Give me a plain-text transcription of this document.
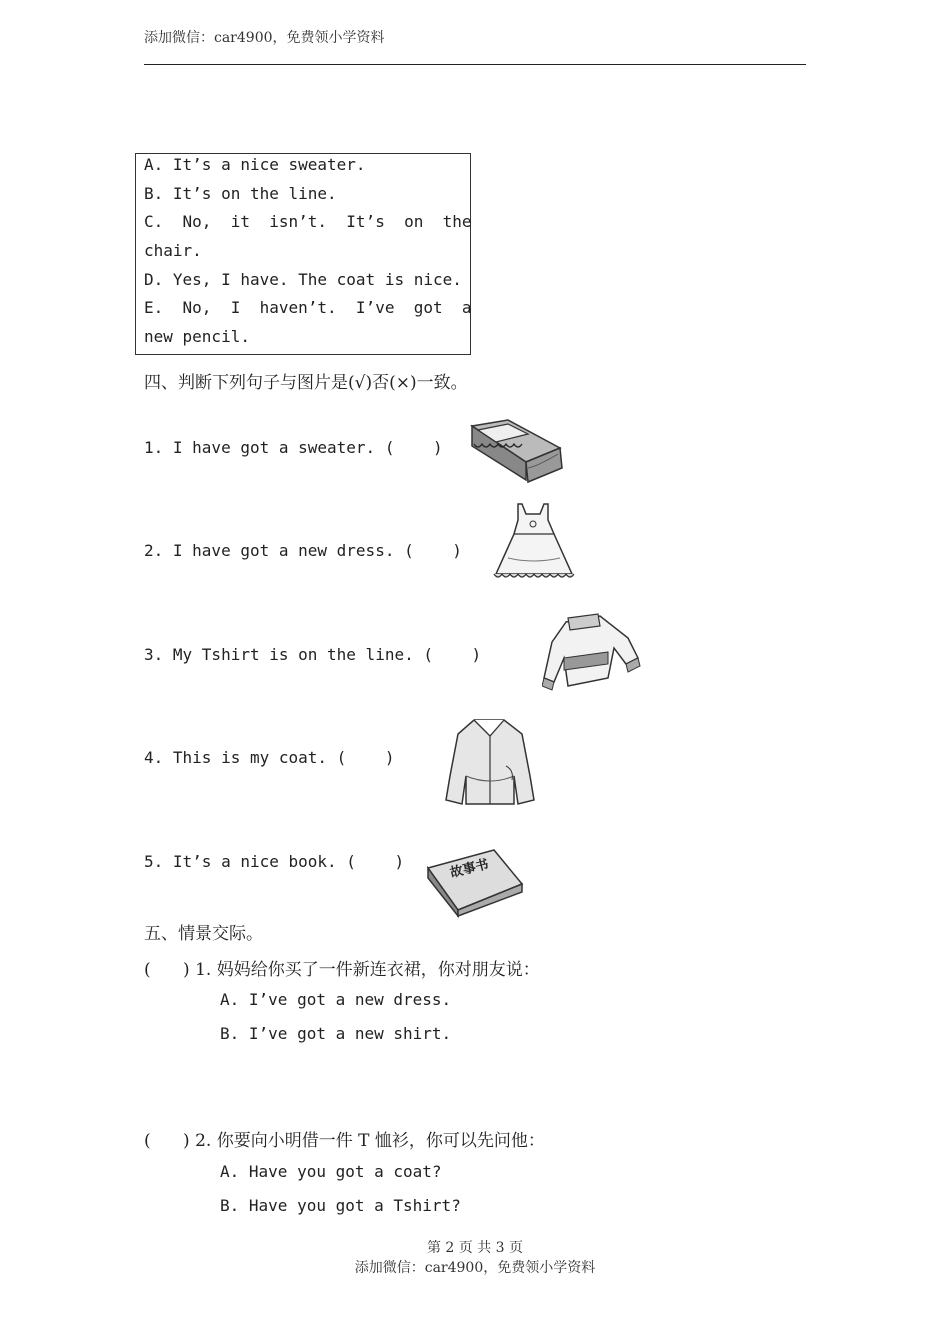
添加微信：car4900，免费领小学资料
A. It’s a nice sweater.
B. It’s on the line.
C.  No,  it  isn’t.  It’s  on  the
chair.
D. Yes, I have. The coat is nice.
E.  No,  I  haven’t.  I’ve  got  a
new pencil.
四、判断下列句子与图片是(√)否(×)一致。
1. I have got a sweater. (    )
2. I have got a new dress. (    )
3. My Tshirt is on the line. (    )
4. This is my coat. (    )
5. It’s a nice book. (    )	故事书
五、情景交际。
(      ) 1. 妈妈给你买了一件新连衣裙，你对朋友说：
A. I’ve got a new dress.
B. I’ve got a new shirt.
(      ) 2. 你要向小明借一件 T 恤衫，你可以先问他：
A. Have you got a coat?
B. Have you got a Tshirt?
第 2 页 共 3 页
添加微信：car4900，免费领小学资料
